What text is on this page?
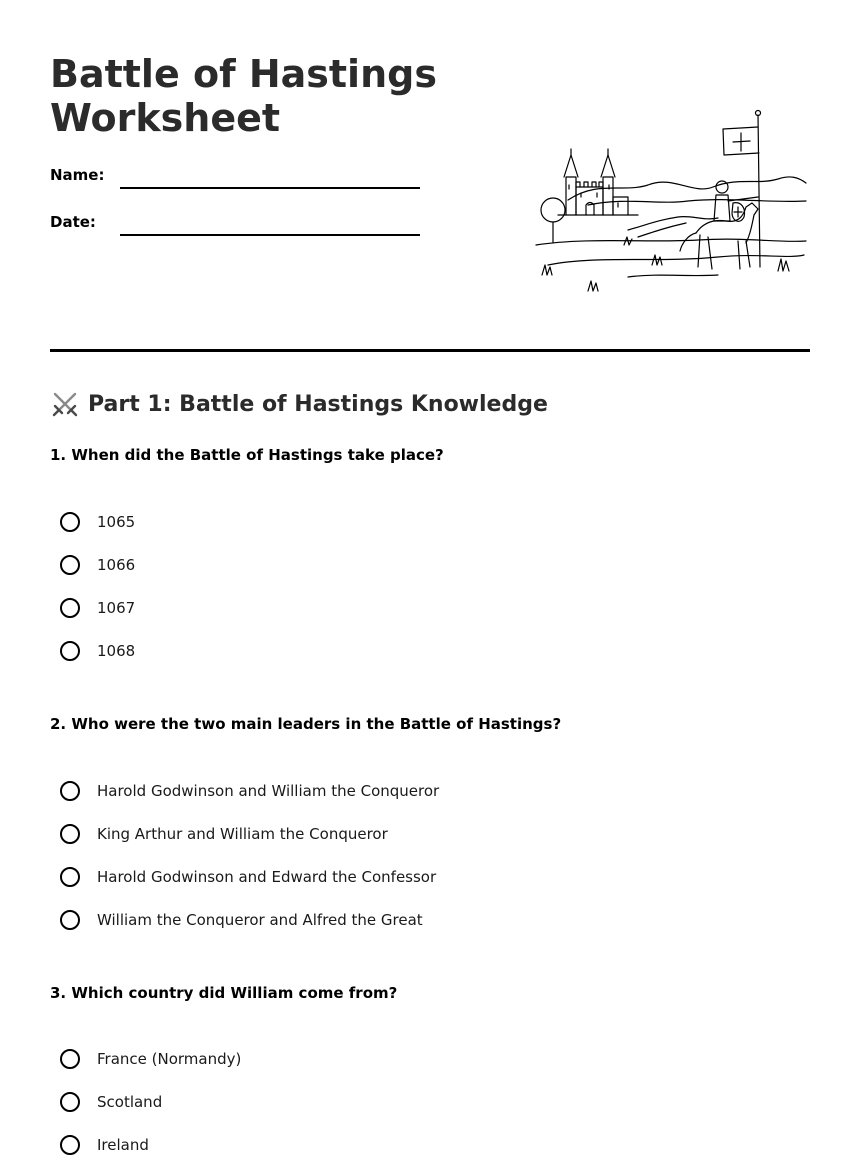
Battle of Hastings Worksheet
Name:
Date:
Part 1: Battle of Hastings Knowledge
1. When did the Battle of Hastings take place?
1065
1066
1067
1068
2. Who were the two main leaders in the Battle of Hastings?
Harold Godwinson and William the Conqueror
King Arthur and William the Conqueror
Harold Godwinson and Edward the Confessor
William the Conqueror and Alfred the Great
3. Which country did William come from?
France (Normandy)
Scotland
Ireland
